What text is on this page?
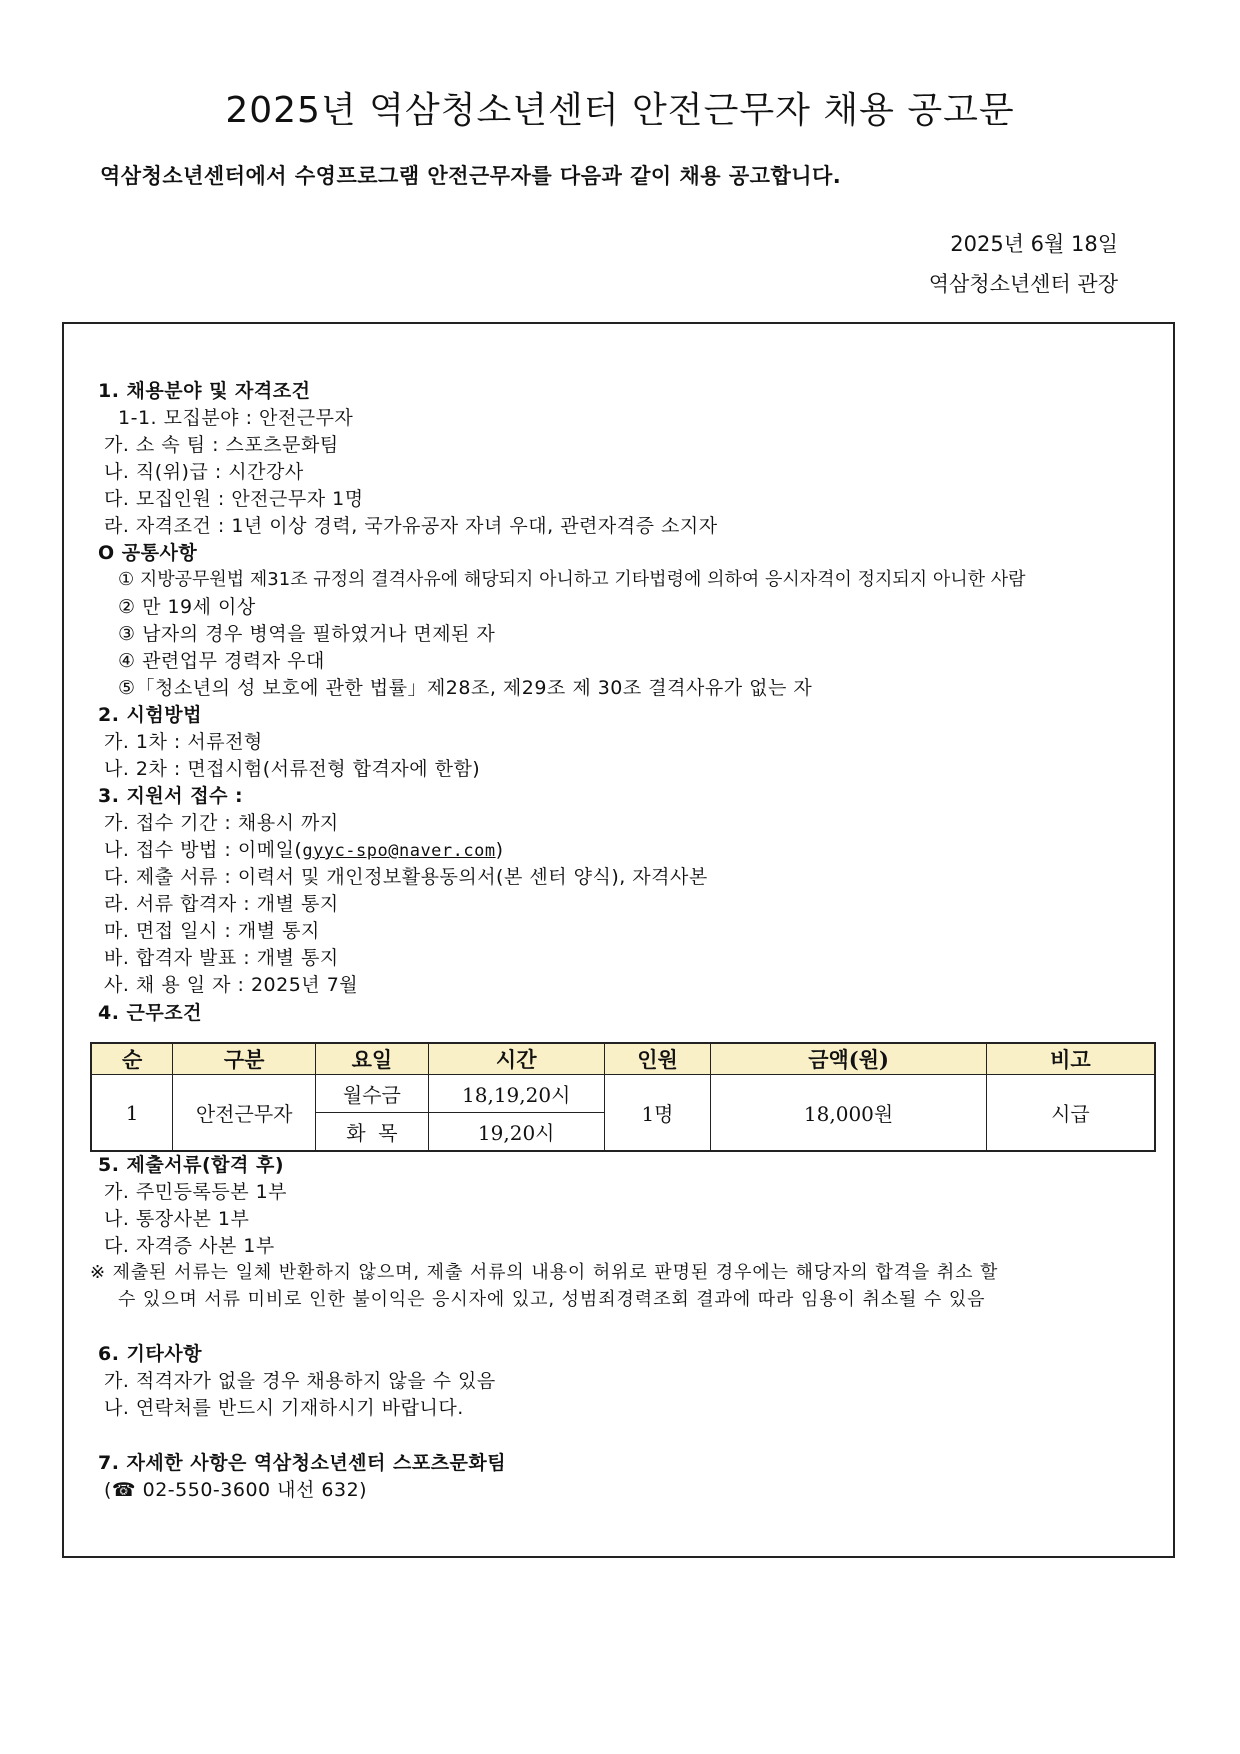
2025년 역삼청소년센터 안전근무자 채용 공고문
역삼청소년센터에서 수영프로그램 안전근무자를 다음과 같이 채용 공고합니다.
2025년 6월 18일
역삼청소년센터 관장
1. 채용분야 및 자격조건
1-1. 모집분야 : 안전근무자
가. 소 속 팀 : 스포츠문화팀
나. 직(위)급 : 시간강사
다. 모집인원 : 안전근무자 1명
라. 자격조건 : 1년 이상 경력, 국가유공자 자녀 우대, 관련자격증 소지자
O 공통사항
① 지방공무원법 제31조 규정의 결격사유에 해당되지 아니하고 기타법령에 의하여 응시자격이 정지되지 아니한 사람
② 만 19세 이상
③ 남자의 경우 병역을 필하였거나 면제된 자
④ 관련업무 경력자 우대
⑤「청소년의 성 보호에 관한 법률」제28조, 제29조 제 30조 결격사유가 없는 자
2. 시험방법
가. 1차 : 서류전형
나. 2차 : 면접시험(서류전형 합격자에 한함)
3. 지원서 접수 :
가. 접수 기간 : 채용시 까지
나. 접수 방법 : 이메일(gyyc-spo@naver.com)
다. 제출 서류 : 이력서 및 개인정보활용동의서(본 센터 양식), 자격사본
라. 서류 합격자 : 개별 통지
마. 면접 일시 : 개별 통지
바. 합격자 발표 : 개별 통지
사. 채 용 일 자 : 2025년 7월
4. 근무조건
순	구분	요일	시간	인원	금액(원)	비고
1	안전근무자	월수금	18,19,20시	1명	18,000원	시급
		화  목	19,20시			
5. 제출서류(합격 후)
가. 주민등록등본 1부
나. 통장사본 1부
다. 자격증 사본 1부
※ 제출된 서류는 일체 반환하지 않으며, 제출 서류의 내용이 허위로 판명된 경우에는 해당자의 합격을 취소 할
수 있으며 서류 미비로 인한 불이익은 응시자에 있고, 성범죄경력조회 결과에 따라 임용이 취소될 수 있음
6. 기타사항
가. 적격자가 없을 경우 채용하지 않을 수 있음
나. 연락처를 반드시 기재하시기 바랍니다.
7. 자세한 사항은 역삼청소년센터 스포츠문화팀
(☎ 02-550-3600 내선 632)
